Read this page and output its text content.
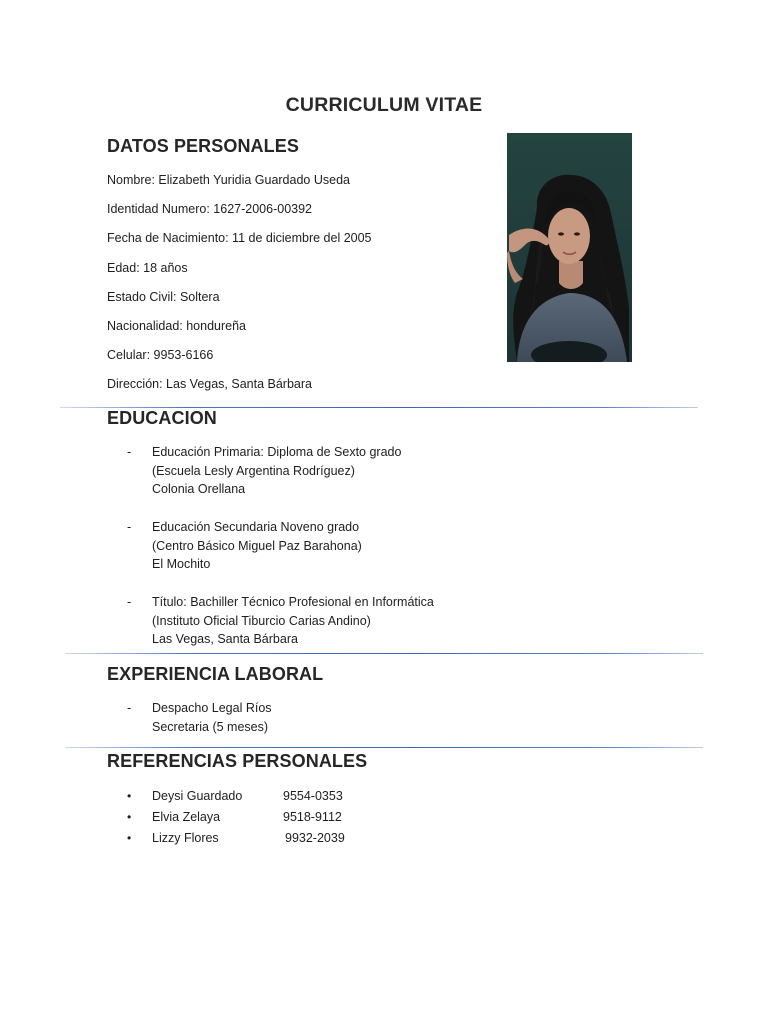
CURRICULUM VITAE
DATOS PERSONALES
Nombre: Elizabeth Yuridia Guardado Useda
Identidad Numero: 1627-2006-00392
Fecha de Nacimiento: 11 de diciembre del 2005
Edad: 18 años
Estado Civil: Soltera
Nacionalidad: hondureña
Celular: 9953-6166
Dirección: Las Vegas, Santa Bárbara
EDUCACION
-	Educación Primaria: Diploma de Sexto grado
(Escuela Lesly Argentina Rodríguez)
Colonia Orellana
-	Educación Secundaria Noveno grado
(Centro Básico Miguel Paz Barahona)
El Mochito
-	Título: Bachiller Técnico Profesional en Informática
(Instituto Oficial Tiburcio Carias Andino)
Las Vegas, Santa Bárbara
EXPERIENCIA LABORAL
-	Despacho Legal Ríos
Secretaria (5 meses)
REFERENCIAS PERSONALES
• Deysi Guardado	9554-0353
• Elvia Zelaya	9518-9112
• Lizzy Flores	9932-2039
